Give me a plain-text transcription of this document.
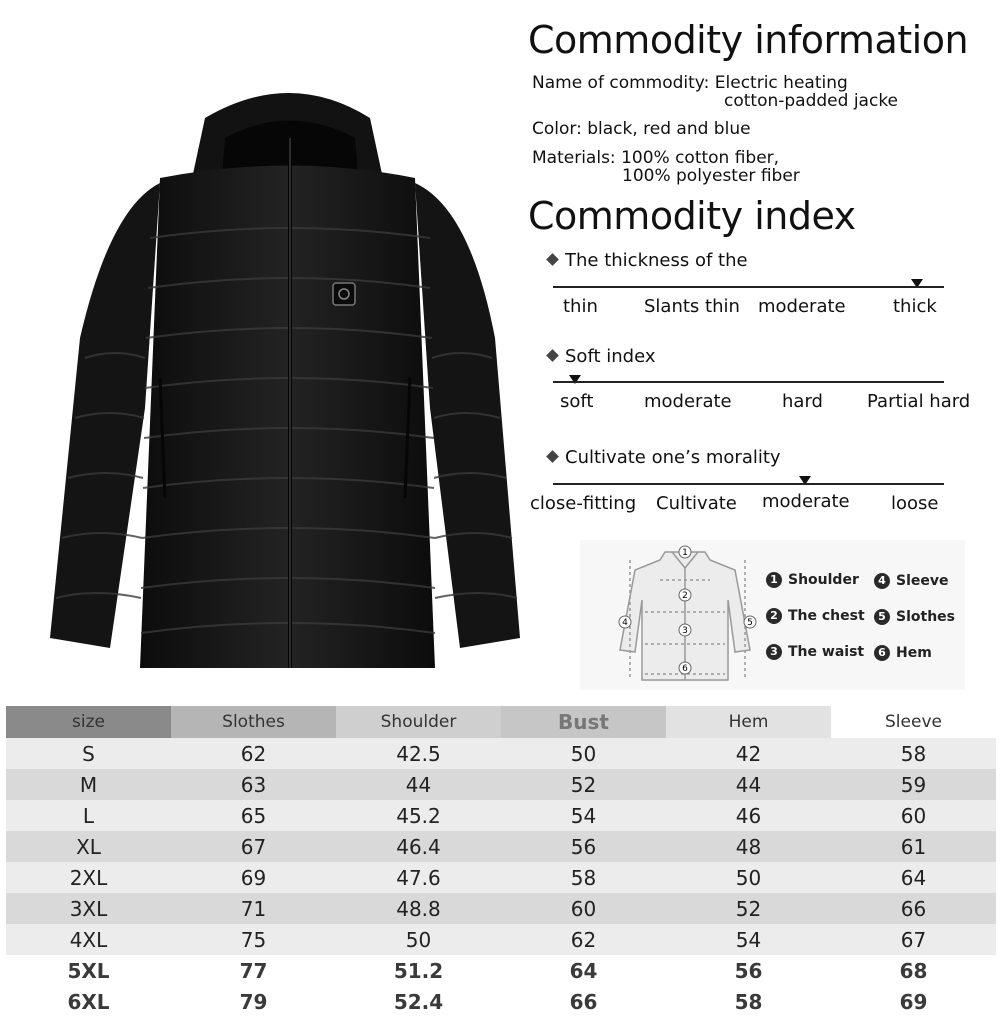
Commodity information
Name of commodity: Electric heating
cotton-padded jacke
Color: black, red and blue
Materials: 100% cotton fiber,
100% polyester fiber
Commodity index
The thickness of the
thin	Slants thin moderate	thick
Soft index
soft	moderate	hard Partial hard
Cultivate one’s morality
close-fitting Cultivate moderate loose
1
2
3
4	5
6
1 Shoulder	4 Sleeve
2 The chest	5 Slothes
3 The waist	6 Hem
size	Slothes	Shoulder	Bust	Hem	Sleeve
S	62	42.5	50	42	58
M	63	44	52	44	59
L	65	45.2	54	46	60
XL	67	46.4	56	48	61
2XL	69	47.6	58	50	64
3XL	71	48.8	60	52	66
4XL	75	50	62	54	67
5XL	77	51.2	64	56	68
6XL	79	52.4	66	58	69
